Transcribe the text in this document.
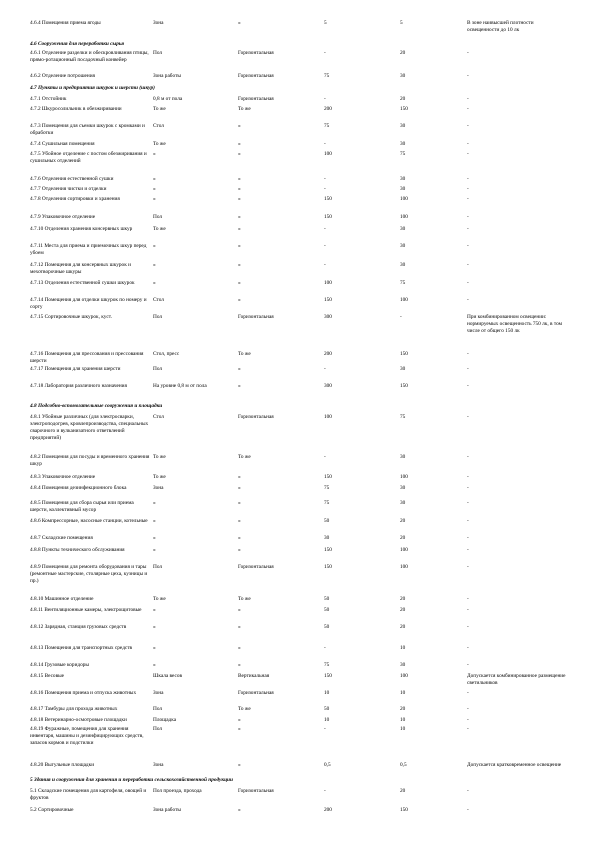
4.6.4 Помещения приема ягоды	Зона	«	5	5	В зоне наивысшей плотности освещенности до 10 лк
4.6 Сооружения для переработки сырья
4.6.1 Отделение разделки и обескровливания птицы, прямо-ротационный посадочный конвейер
Пол	Горизонтальная	-	20	-
4.6.2 Отделение потрошения	Зона работы	Горизонтальная	75	30	-
4.7 Пункты и предприятия шкурок и шерсти (шкур)
4.7.1 Отстойник	0,8 м от пола	Горизонтальная	-	20	-
4.7.2 Шкуросолильник в обезжиривании	То же	То же	200	150	-
4.7.3 Помещения для съемки шкурок с кромками и обработки
Стол	«	75	30	-
4.7.4 Сушильная помещения	То же	«	-	30	-
4.7.5 Убойное отделение с постом обезжиривания и сушильных отделений
«	«	100	75	-
4.7.6 Отделения естественной сушки	«	«	-	30	-
4.7.7 Отделения чистки и отделки	«	«	-	30	-
4.7.8 Отделения сортировки и хранения	«	«	150	100	-
4.7.9 Упаковочное отделение	Пол	«	150	100	-
4.7.10 Отделения хранения консервных шкур	То же	«	-	30	-
4.7.11 Места для приема и приемочных шкур перед убоем
«	«	-	30	-
4.7.12 Помещения для консервных шкурок и мехотворочные шкуры
«	«	-	30	-
4.7.13 Отделения естественной сушки шкурок	«	«	100	75	-
4.7.14 Помещения для отделки шкурок по номеру и сорту
Стол	«	150	100	-
4.7.15 Сортировочные шкурок, куст.	Пол	Горизонтальная	300	-	При комбинированном освещении: нормируемых освещенность 750 лк, в том числе от общего 150 лк
4.7.16 Помещения для прессования и прессования шерсти
Стол, пресс	То же	200	150	-
4.7.17 Помещения для хранения шерсти	Пол	«	-	30	-
4.7.18 Лаборатория различного назначения	На уровне 0,8 м от пола	«	300	150	-
4.8 Подсобно-вспомогательные сооружения и площадки
4.8.1 Убойные различных (для электросварки, электроподогрев, кровлепроизводства, специальных сварочного и вулканизатного ответвлений предприятий)
Стол	Горизонтальная	100	75	-
4.8.2 Помещения для посуды и временного хранения шкур
То же	То же	-	30	-
4.8.3 Упаковочное отделение	То же	«	150	100	-
4.8.4 Помещения дезинфекционного блока	Зона	«	75	30	-
4.8.5 Помещения для сбора сырья или приема шерсти, коллективный мусор
«	«	75	30	-
4.8.6 Компрессорные, насосные станции, котельные	«	«	50	20	-
4.8.7 Складские помещения	«	«	30	20	-
4.8.8 Пункты технического обслуживания	«	«	150	100	-
4.8.9 Помещения для ремонта оборудования и тары (ремонтные мастерские, столярные цеха, кузницы и пр.)
Пол	Горизонтальная	150	100	-
4.8.10 Машинное отделение	То же	То же	50	20	-
4.8.11 Вентиляционные камеры, электрощитовые	«	«	50	20	-
4.8.12 Зарядная, станция грузовых средств	«	«	50	20	-
4.8.13 Помещения для транспортных средств	«	«	-	10	-
4.8.14 Грузовые коридоры	«	«	75	30	-
4.8.15 Весовые	Шкала весов	Вертикальная	150	100	Допускается комбинированное размещение светильников
4.8.16 Помещения приема и отпуска животных	Зона	Горизонтальная	10	10	-
4.8.17 Тамбуры для прохода животных	Пол	То же	50	20	-
4.8.18 Ветеринарно-осмотровые площадки	Площадка	«	10	10	-
4.8.19 Фуражные, помещения для хранения инвентаря, машины и дезинфицирующих средств, запасов кормов и подстилки
Пол	«	-	10	-
4.8.20 Выгульные площадки	Зона	«	0,5	0,5	Допускается кратковременное освещение
5 Здания и сооружения для хранения и переработки сельскохозяйственной продукции
5.1 Складские помещения для картофеля, овощей и фруктов
Пол проезда, прохода	Горизонтальная	-	20	-
5.2 Сортировочные	Зона работы	«	200	150	-
